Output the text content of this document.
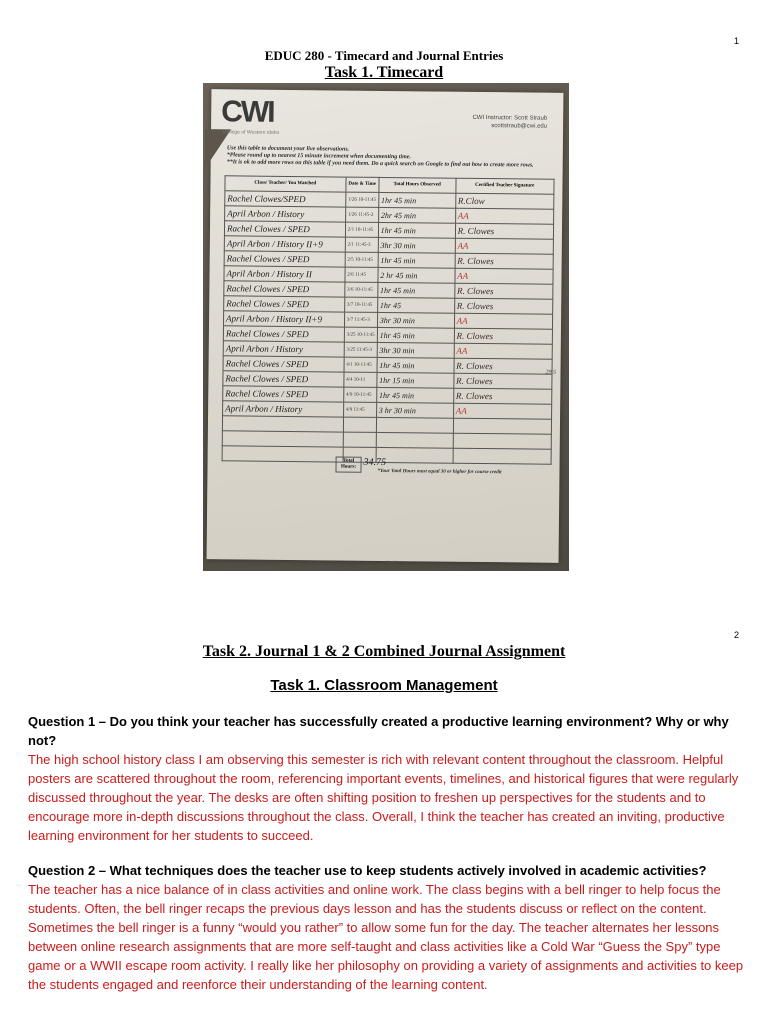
1
EDUC 280 - Timecard and Journal Entries
Task 1. Timecard
CWI
College of Western Idaho
CWI Instructor: Scott Straub
scottstraub@cwi.edu
Use this table to document your live observations.
*Please round up to nearest 15 minute increment when documenting time.
**It is ok to add more rows on this table if you need them. Do a quick search on Google to find out how to create more rows.
Class/ Teacher/ You Watched	Date & Time	Total Hours Observed	Certified Teacher Signature
Rachel Clowes/SPED	1/26 10-11:45	1hr 45 min	R.Clow
April Arbon / History	1/26 11:45-2	2hr 45 min	AA
Rachel Clowes / SPED	2/1 10-11:45	1hr 45 min	R. Clowes
April Arbon / History II+9	2/1 11:45-3	3hr 30 min	AA
Rachel Clowes / SPED	2/5 10-11:45	1hr 45 min	R. Clowes
April Arbon / History II	2/6 11:45	2 hr 45 min	AA
Rachel Clowes / SPED	3/6 10-11:45	1hr 45 min	R. Clowes
Rachel Clowes / SPED	3/7 10-11:45	1hr 45	R. Clowes
April Arbon / History II+9	3/7 11:45-3	3hr 30 min	AA
Rachel Clowes / SPED	3/25 10-11:45	1hr 45 min	R. Clowes
April Arbon / History	3/25 11:45-3	3hr 30 min	AA
Rachel Clowes / SPED	4/1 10-11:45	1hr 45 min	R. Clowes
Rachel Clowes / SPED	4/4 10-11	1hr 15 min	R. Clowes
Rachel Clowes / SPED	4/9 10-11:45	1hr 45 min	R. Clowes
April Arbon / History	4/9 11:45	3 hr 30 min	AA

Total Hours: 34.75
*Your Total Hours must equal 30 or higher for course credit
29.5
2 of 2
2
Task 2. Journal 1 & 2 Combined Journal Assignment
Task 1. Classroom Management
Question 1 – Do you think your teacher has successfully created a productive learning environment? Why or why not?
The high school history class I am observing this semester is rich with relevant content throughout the classroom. Helpful posters are scattered throughout the room, referencing important events, timelines, and historical figures that were regularly discussed throughout the year. The desks are often shifting position to freshen up perspectives for the students and to encourage more in-depth discussions throughout the class. Overall, I think the teacher has created an inviting, productive learning environment for her students to succeed.
Question 2 – What techniques does the teacher use to keep students actively involved in academic activities?
The teacher has a nice balance of in class activities and online work. The class begins with a bell ringer to help focus the students. Often, the bell ringer recaps the previous days lesson and has the students discuss or reflect on the content. Sometimes the bell ringer is a funny “would you rather” to allow some fun for the day. The teacher alternates her lessons between online research assignments that are more self-taught and class activities like a Cold War “Guess the Spy” type game or a WWII escape room activity. I really like her philosophy on providing a variety of assignments and activities to keep the students engaged and reenforce their understanding of the learning content.
